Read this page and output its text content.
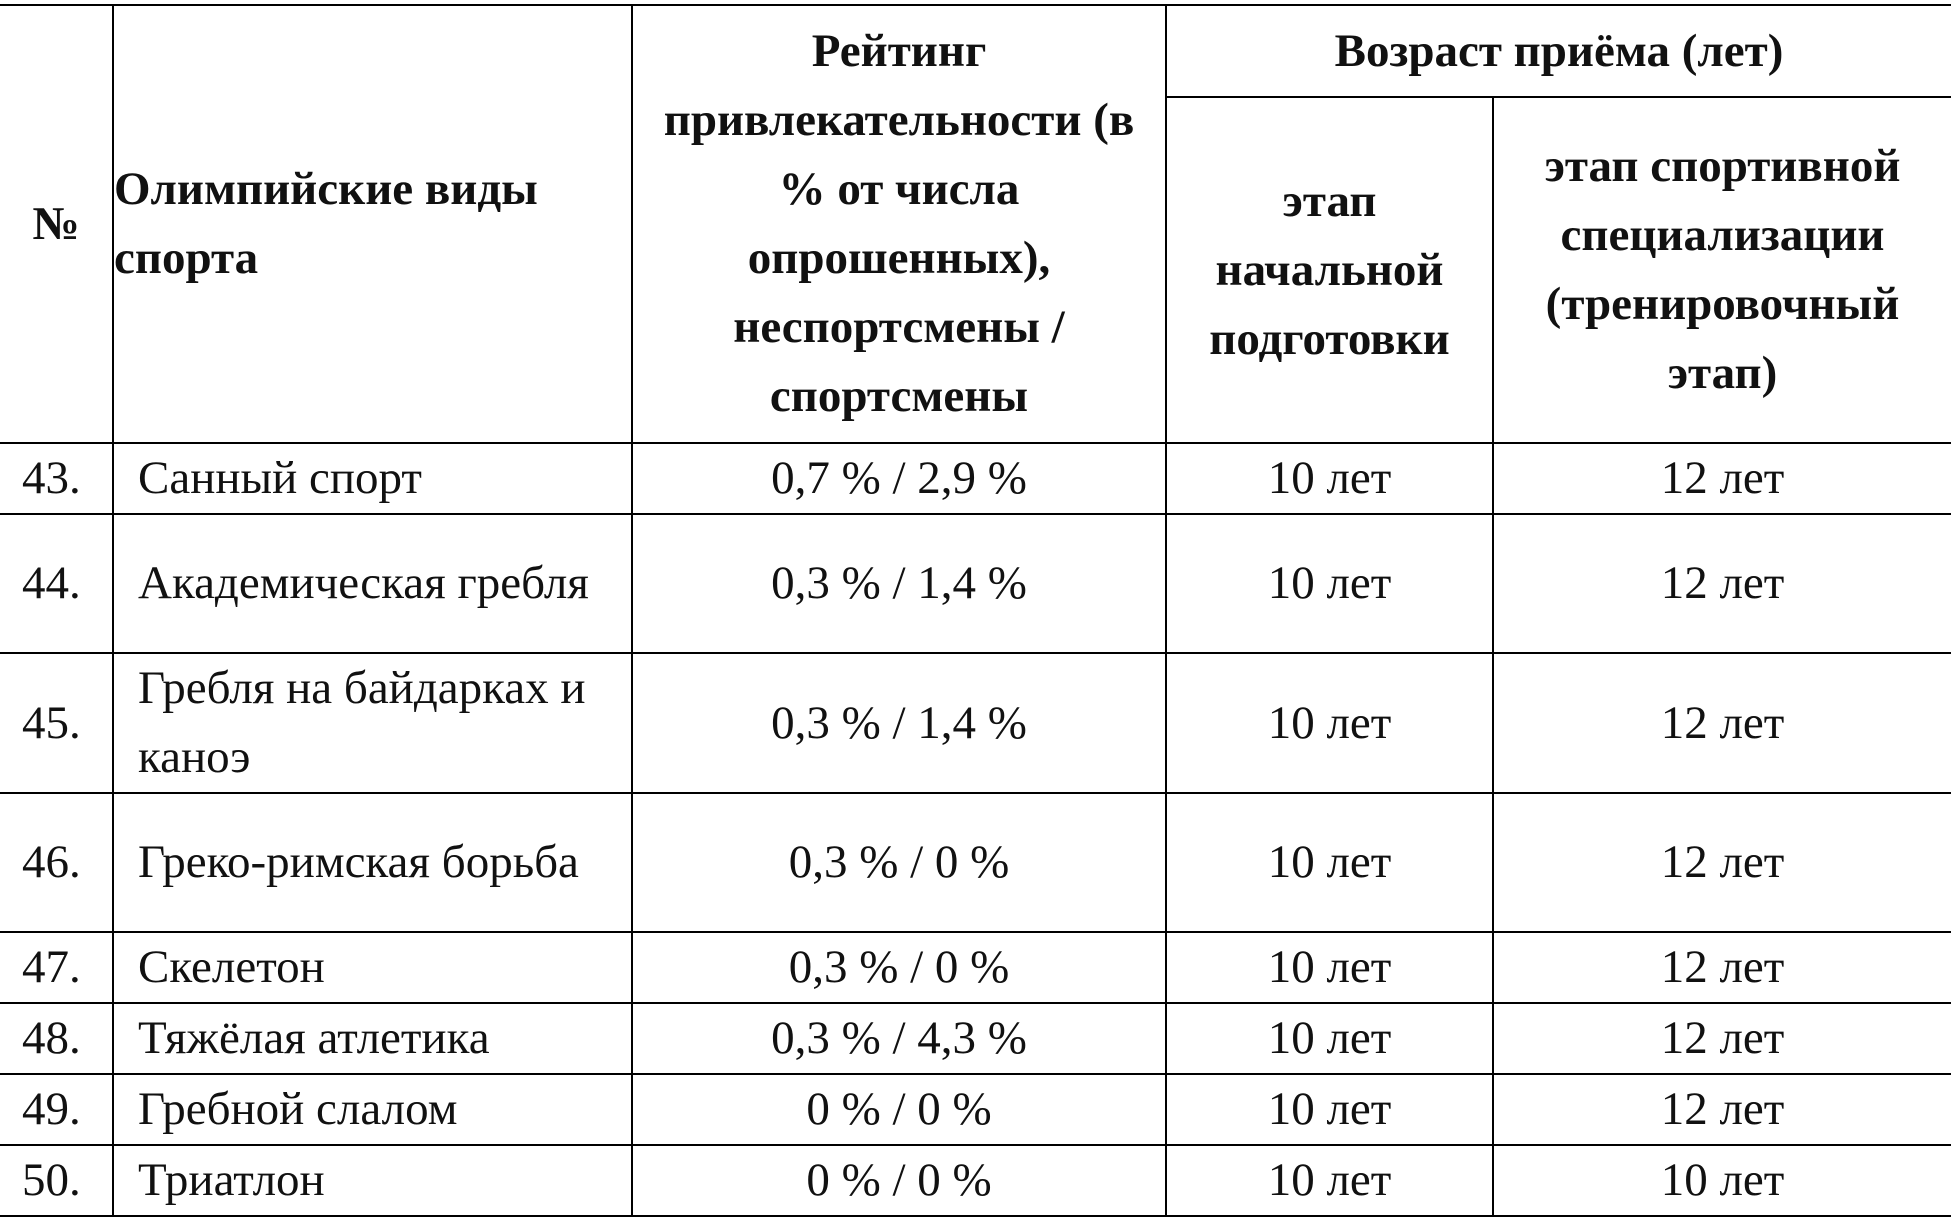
№	Олимпийские виды спорта	Рейтинг привлекательности (в % от числа опрошенных), неспортсмены / спортсмены	Возраст приёма (лет)	
			этап начальной подготовки	этап спортивной специализации (тренировочный этап)
43.	Санный спорт	0,7 % / 2,9 %	10 лет	12 лет
44.	Академическая гребля	0,3 % / 1,4 %	10 лет	12 лет
45.	Гребля на байдарках и каноэ	0,3 % / 1,4 %	10 лет	12 лет
46.	Греко-римская борьба	0,3 % / 0 %	10 лет	12 лет
47.	Скелетон	0,3 % / 0 %	10 лет	12 лет
48.	Тяжёлая атлетика	0,3 % / 4,3 %	10 лет	12 лет
49.	Гребной слалом	0 % / 0 %	10 лет	12 лет
50.	Триатлон	0 % / 0 %	10 лет	10 лет
